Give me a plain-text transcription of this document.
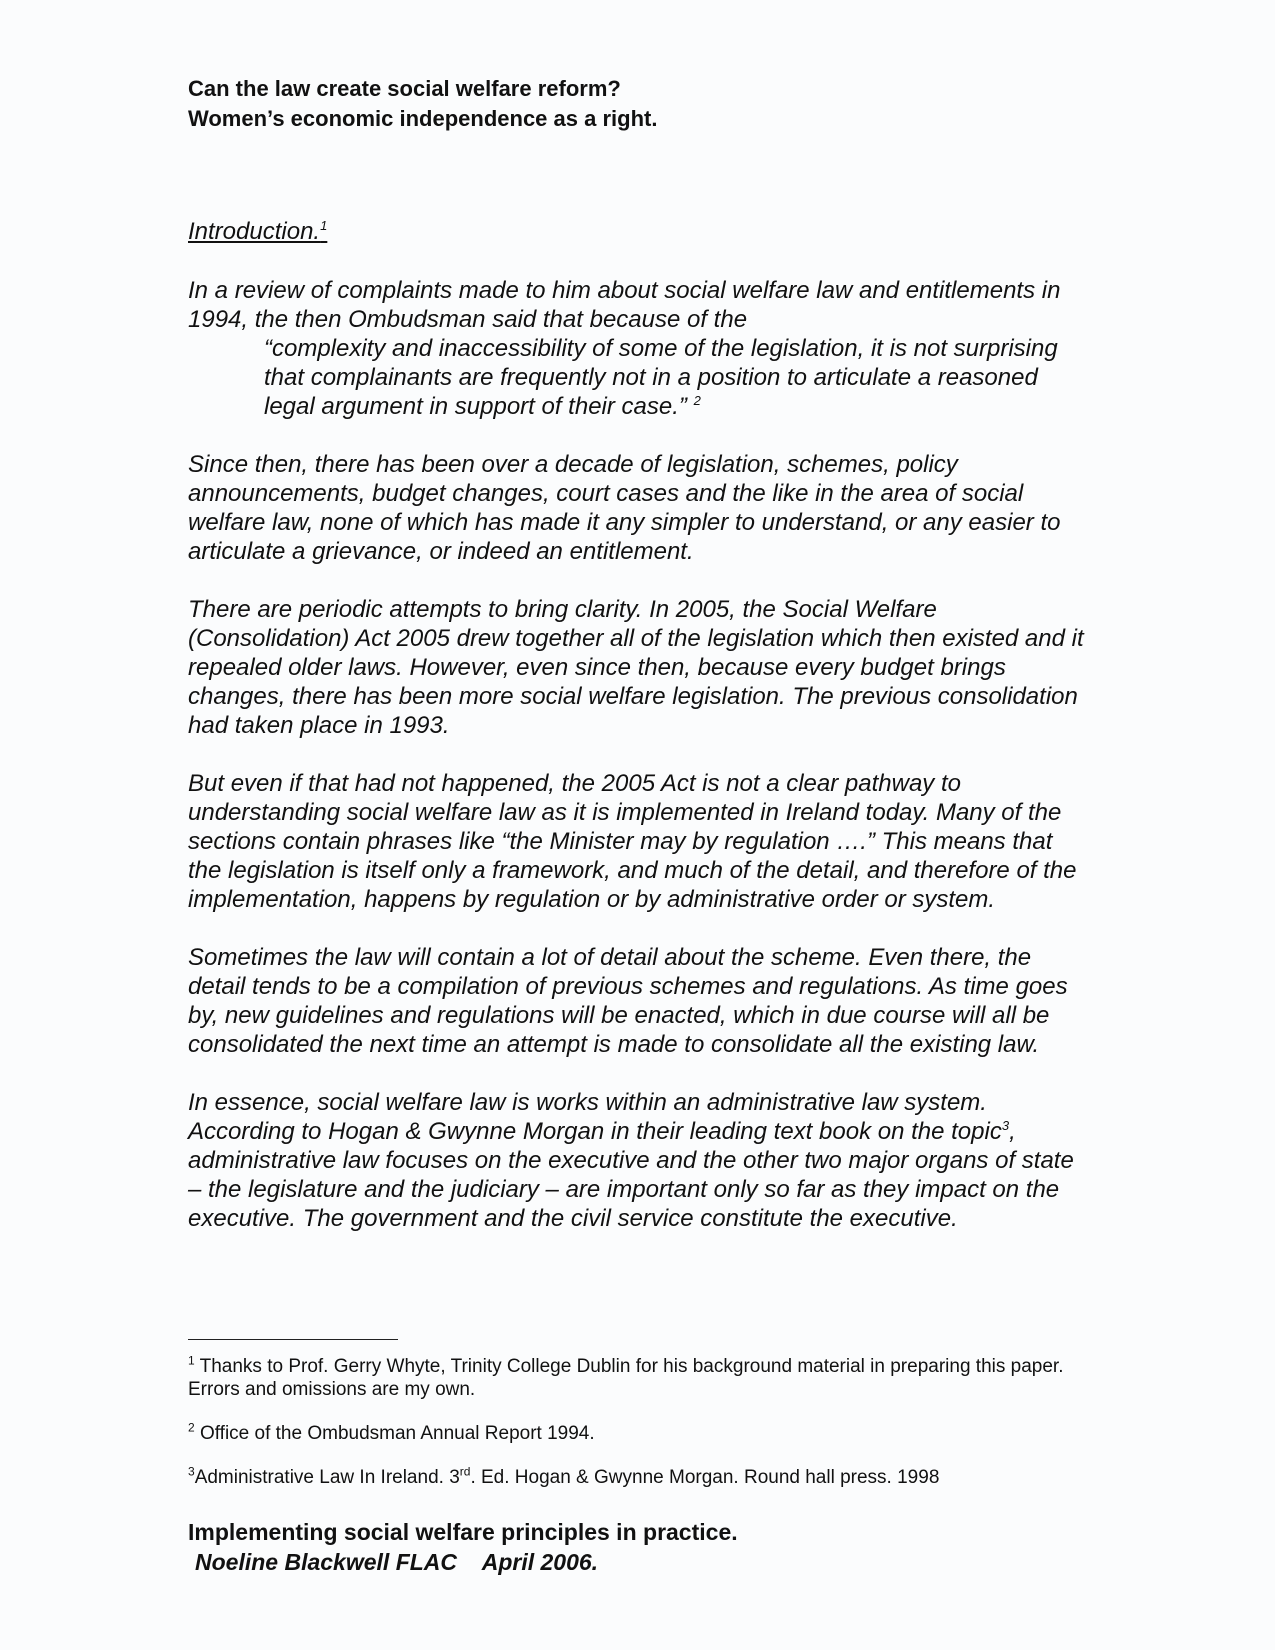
Can the law create social welfare reform?
Women’s economic independence as a right.
Introduction.$^1$

In a review of complaints made to him about social welfare law and entitlements in 1994, the then Ombudsman said that because of the

“complexity and inaccessibility of some of the legislation, it is not surprising that complainants are frequently not in a position to articulate a reasoned legal argument in support of their case.” $^2$

Since then, there has been over a decade of legislation, schemes, policy announcements, budget changes, court cases and the like in the area of social welfare law, none of which has made it any simpler to understand, or any easier to articulate a grievance, or indeed an entitlement.

There are periodic attempts to bring clarity. In 2005, the Social Welfare (Consolidation) Act 2005 drew together all of the legislation which then existed and it repealed older laws. However, even since then, because every budget brings changes, there has been more social welfare legislation. The previous consolidation had taken place in 1993.

But even if that had not happened, the 2005 Act is not a clear pathway to understanding social welfare law as it is implemented in Ireland today. Many of the sections contain phrases like “the Minister may by regulation ….” This means that the legislation is itself only a framework, and much of the detail, and therefore of the implementation, happens by regulation or by administrative order or system.

Sometimes the law will contain a lot of detail about the scheme. Even there, the detail tends to be a compilation of previous schemes and regulations. As time goes by, new guidelines and regulations will be enacted, which in due course will all be consolidated the next time an attempt is made to consolidate all the existing law.

In essence, social welfare law is works within an administrative law system. According to Hogan & Gwynne Morgan in their leading text book on the topic$^3$, administrative law focuses on the executive and the other two major organs of state – the legislature and the judiciary – are important only so far as they impact on the executive. The government and the civil service constitute the executive.

$^1$ Thanks to Prof. Gerry Whyte, Trinity College Dublin for his background material in preparing this paper. Errors and omissions are my own.
$^2$ Office of the Ombudsman Annual Report 1994.
$^3$Administrative Law In Ireland. 3rd. Ed. Hogan & Gwynne Morgan. Round hall press. 1998
Implementing social welfare principles in practice.
Noeline Blackwell FLAC    April 2006.
